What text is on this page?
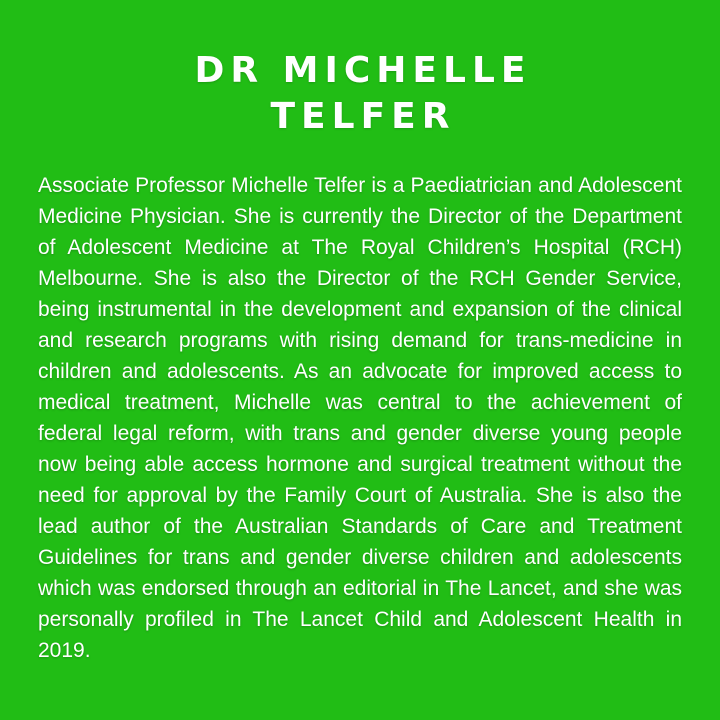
DR MICHELLE
TELFER

Associate Professor Michelle Telfer is a Paediatrician and Adolescent Medicine Physician. She is currently the Director of the Department of Adolescent Medicine at The Royal Children’s Hospital (RCH) Melbourne. She is also the Director of the RCH Gender Service, being instrumental in the development and expansion of the clinical and research programs with rising demand for trans-medicine in children and adolescents. As an advocate for improved access to medical treatment, Michelle was central to the achievement of federal legal reform, with trans and gender diverse young people now being able access hormone and surgical treatment without the need for approval by the Family Court of Australia. She is also the lead author of the Australian Standards of Care and Treatment Guidelines for trans and gender diverse children and adolescents which was endorsed through an editorial in The Lancet, and she was personally profiled in The Lancet Child and Adolescent Health in 2019.
